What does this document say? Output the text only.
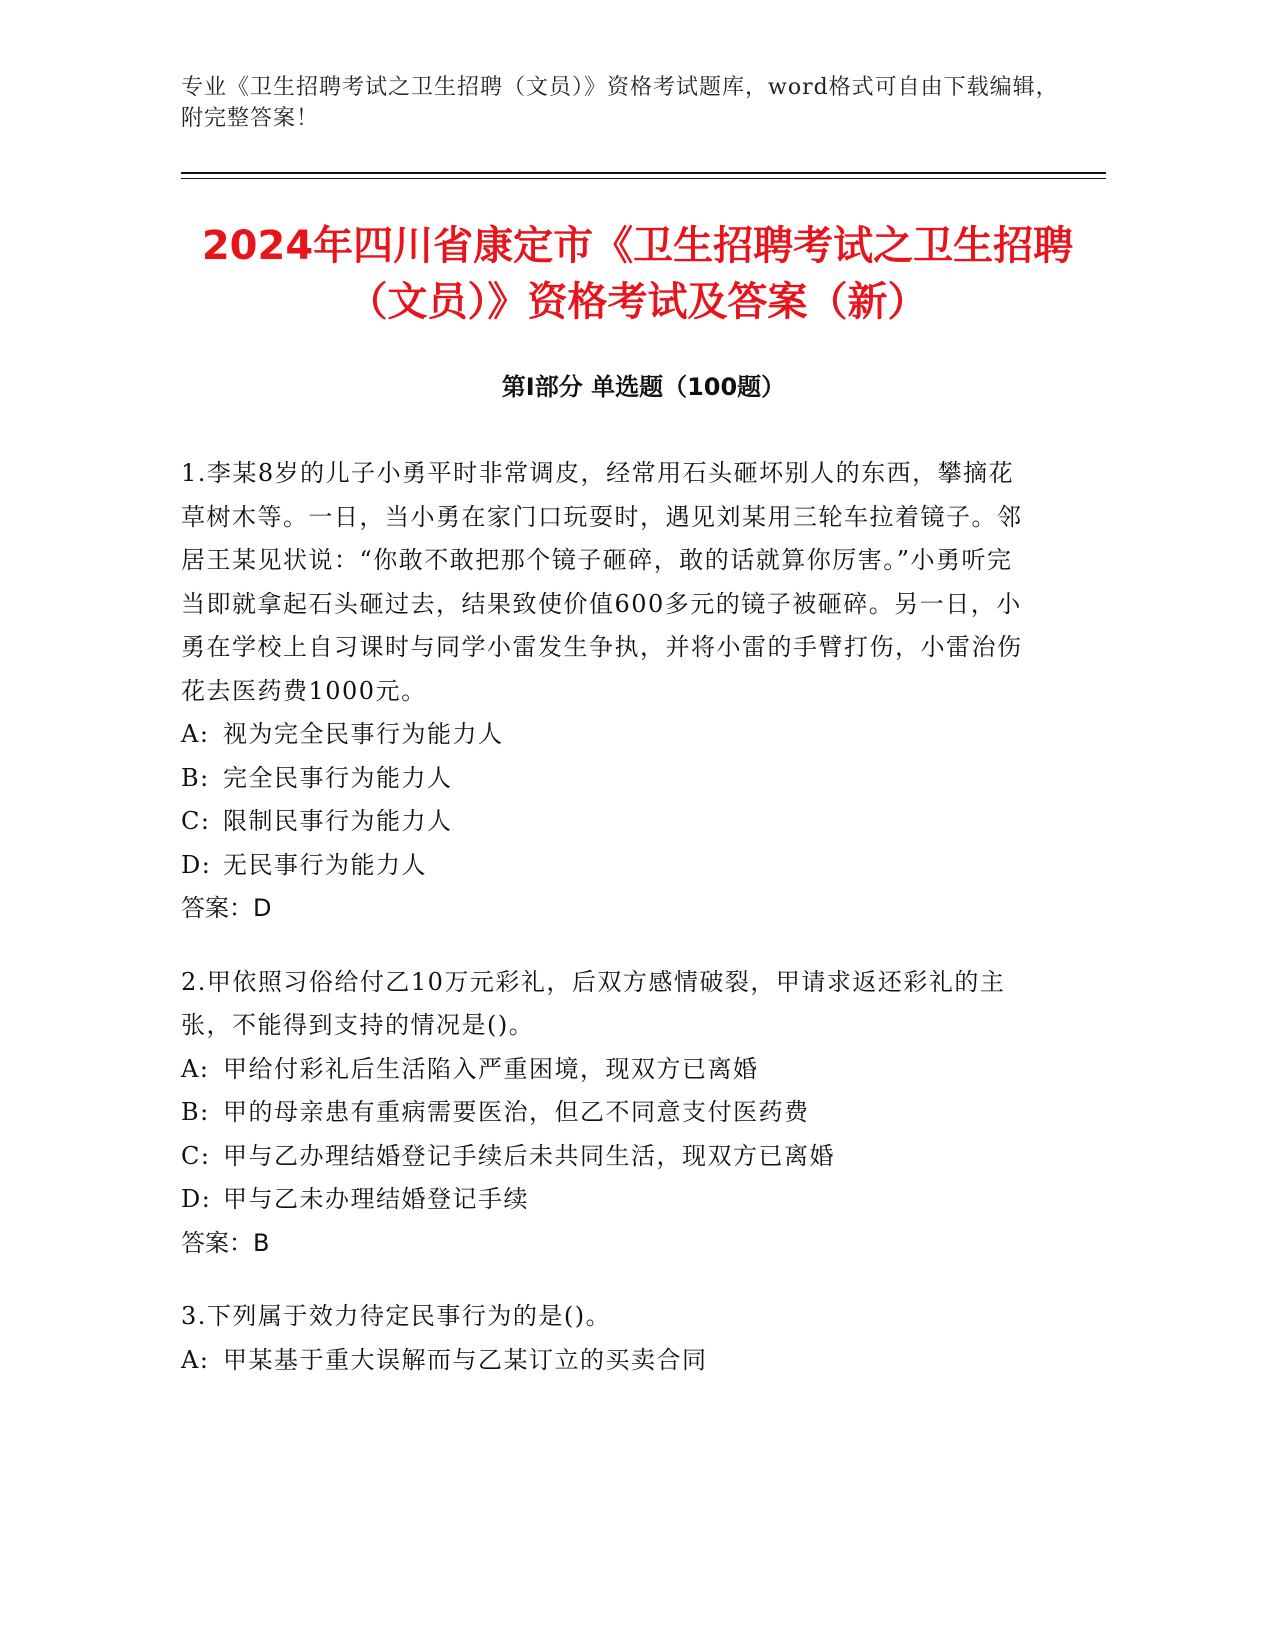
专业《卫生招聘考试之卫生招聘（文员）》资格考试题库，word格式可自由下载编辑，附完整答案！
2024年四川省康定市《卫生招聘考试之卫生招聘（文员）》资格考试及答案（新）
第Ⅰ部分 单选题（100题）

1.李某8岁的儿子小勇平时非常调皮，经常用石头砸坏别人的东西，攀摘花草树木等。一日，当小勇在家门口玩耍时，遇见刘某用三轮车拉着镜子。邻居王某见状说：“你敢不敢把那个镜子砸碎，敢的话就算你厉害。”小勇听完当即就拿起石头砸过去，结果致使价值600多元的镜子被砸碎。另一日，小勇在学校上自习课时与同学小雷发生争执，并将小雷的手臂打伤，小雷治伤花去医药费1000元。

A: 视为完全民事行为能力人

B: 完全民事行为能力人

C: 限制民事行为能力人

D: 无民事行为能力人

答案：D

2.甲依照习俗给付乙10万元彩礼，后双方感情破裂，甲请求返还彩礼的主张，不能得到支持的情况是()。

A: 甲给付彩礼后生活陷入严重困境，现双方已离婚

B: 甲的母亲患有重病需要医治，但乙不同意支付医药费

C: 甲与乙办理结婚登记手续后未共同生活，现双方已离婚

D: 甲与乙未办理结婚登记手续

答案：B

3.下列属于效力待定民事行为的是()。

A: 甲某基于重大误解而与乙某订立的买卖合同
